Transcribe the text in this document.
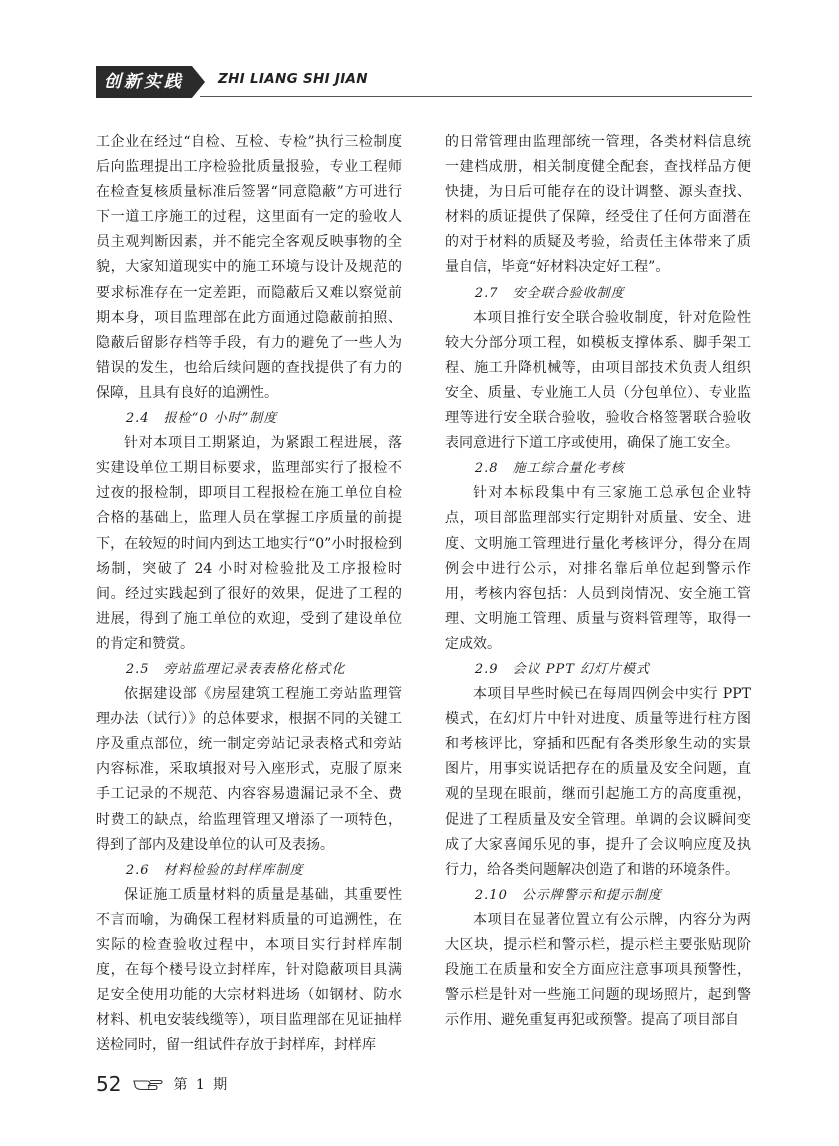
创新实践	ZHI LIANG SHI JIAN

工企业在经过“自检、互检、专检”执行三检制度后向监理提出工序检验批质量报验，专业工程师在检查复核质量标准后签署“同意隐蔽”方可进行下一道工序施工的过程，这里面有一定的验收人员主观判断因素，并不能完全客观反映事物的全貌，大家知道现实中的施工环境与设计及规范的要求标准存在一定差距，而隐蔽后又难以察觉前期本身，项目监理部在此方面通过隐蔽前拍照、隐蔽后留影存档等手段，有力的避免了一些人为错误的发生，也给后续问题的查找提供了有力的保障，且具有良好的追溯性。

2.4　报检“0 小时”制度

针对本项目工期紧迫，为紧跟工程进展，落实建设单位工期目标要求，监理部实行了报检不过夜的报检制，即项目工程报检在施工单位自检合格的基础上，监理人员在掌握工序质量的前提下，在较短的时间内到达工地实行“0”小时报检到场制，突破了 24 小时对检验批及工序报检时间。经过实践起到了很好的效果，促进了工程的进展，得到了施工单位的欢迎，受到了建设单位的肯定和赞赏。

2.5　旁站监理记录表表格化格式化

依据建设部《房屋建筑工程施工旁站监理管理办法（试行）》的总体要求，根据不同的关键工序及重点部位，统一制定旁站记录表格式和旁站内容标准，采取填报对号入座形式，克服了原来手工记录的不规范、内容容易遗漏记录不全、费时费工的缺点，给监理管理又增添了一项特色，得到了部内及建设单位的认可及表扬。

2.6　材料检验的封样库制度

保证施工质量材料的质量是基础，其重要性不言而喻，为确保工程材料质量的可追溯性，在实际的检查验收过程中，本项目实行封样库制度，在每个楼号设立封样库，针对隐蔽项目具满足安全使用功能的大宗材料进场（如钢材、防水材料、机电安装线缆等），项目监理部在见证抽样送检同时，留一组试件存放于封样库，封样库

的日常管理由监理部统一管理，各类材料信息统一建档成册，相关制度健全配套，查找样品方便快捷，为日后可能存在的设计调整、源头查找、材料的质证提供了保障，经受住了任何方面潜在的对于材料的质疑及考验，给责任主体带来了质量自信，毕竟“好材料决定好工程”。

2.7　安全联合验收制度

本项目推行安全联合验收制度，针对危险性较大分部分项工程，如模板支撑体系、脚手架工程、施工升降机械等，由项目部技术负责人组织安全、质量、专业施工人员（分包单位）、专业监理等进行安全联合验收，验收合格签署联合验收表同意进行下道工序或使用，确保了施工安全。

2.8　施工综合量化考核

针对本标段集中有三家施工总承包企业特点，项目部监理部实行定期针对质量、安全、进度、文明施工管理进行量化考核评分，得分在周例会中进行公示，对排名靠后单位起到警示作用，考核内容包括：人员到岗情况、安全施工管理、文明施工管理、质量与资料管理等，取得一定成效。

2.9　会议 PPT 幻灯片模式

本项目早些时候已在每周四例会中实行 PPT 模式，在幻灯片中针对进度、质量等进行柱方图和考核评比，穿插和匹配有各类形象生动的实景图片，用事实说话把存在的质量及安全问题，直观的呈现在眼前，继而引起施工方的高度重视，促进了工程质量及安全管理。单调的会议瞬间变成了大家喜闻乐见的事，提升了会议响应度及执行力，给各类问题解决创造了和谐的环境条件。

2.10　公示牌警示和提示制度

本项目在显著位置立有公示牌，内容分为两大区块，提示栏和警示栏，提示栏主要张贴现阶段施工在质量和安全方面应注意事项具预警性，警示栏是针对一些施工问题的现场照片，起到警示作用、避免重复再犯或预警。提高了项目部自

52	第 1 期
